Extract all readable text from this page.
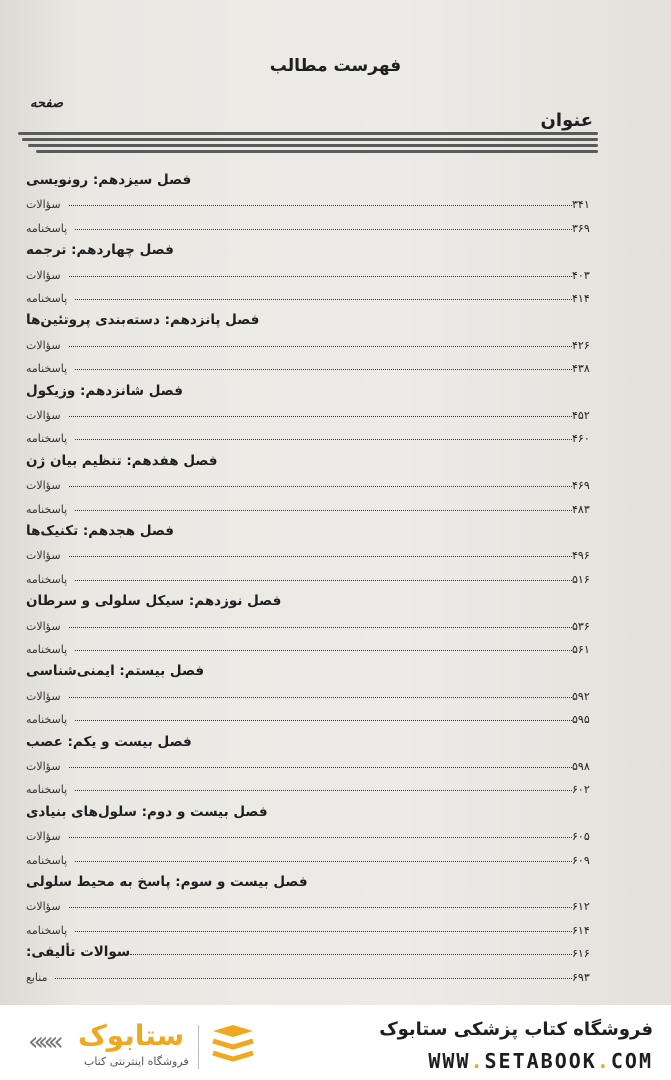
فهرست مطالب
صفحه
عنوان
فصل سیزدهم: رونویسی
سؤالات	۳۴۱
پاسخنامه	۳۶۹
فصل چهاردهم: ترجمه
سؤالات	۴۰۳
پاسخنامه	۴۱۴
فصل پانزدهم: دسته‌بندی پروتئین‌ها
سؤالات	۴۲۶
پاسخنامه	۴۳۸
فصل شانزدهم: وزیکول
سؤالات	۴۵۲
پاسخنامه	۴۶۰
فصل هفدهم: تنظیم بیان ژن
سؤالات	۴۶۹
پاسخنامه	۴۸۳
فصل هجدهم: تکنیک‌ها
سؤالات	۴۹۶
پاسخنامه	۵۱۶
فصل نوزدهم: سیکل سلولی و سرطان
سؤالات	۵۳۶
پاسخنامه	۵۶۱
فصل بیستم: ایمنی‌شناسی
سؤالات	۵۹۲
پاسخنامه	۵۹۵
فصل بیست و یکم: عصب
سؤالات	۵۹۸
پاسخنامه	۶۰۲
فصل بیست و دوم: سلول‌های بنیادی
سؤالات	۶۰۵
پاسخنامه	۶۰۹
فصل بیست و سوم: پاسخ به محیط سلولی
سؤالات	۶۱۲
پاسخنامه	۶۱۴
سوالات تألیفی:	۶۱۶
منابع	۶۹۳
««« ستابوک
فروشگاه اینترنتی کتاب
فروشگاه کتاب پزشکی ستابوک
WWW.SETABOOK.COM
